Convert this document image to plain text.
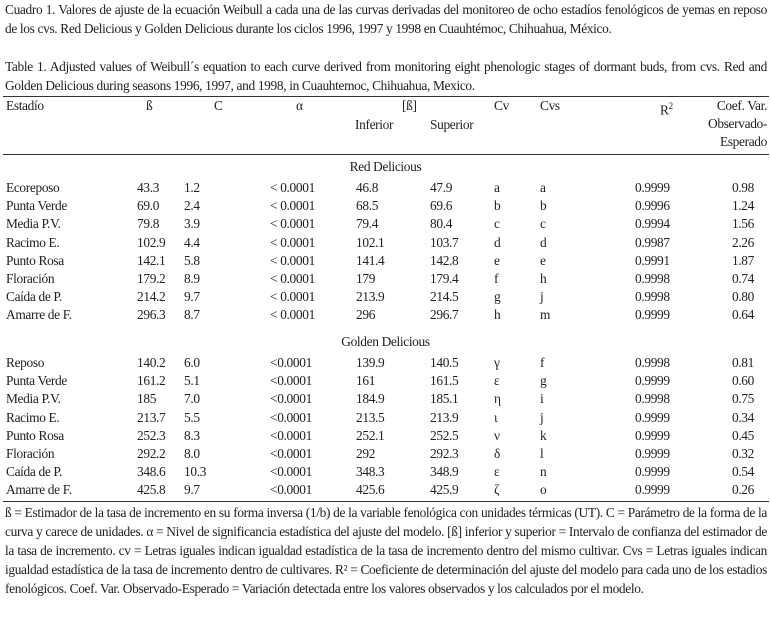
Cuadro 1. Valores de ajuste de la ecuación Weibull a cada una de las curvas derivadas del monitoreo de ocho estadíos fenológicos de yemas en reposo de los cvs. Red Delicious y Golden Delicious durante los ciclos 1996, 1997 y 1998 en Cuauhtémoc, Chihuahua, México.
Table 1. Adjusted values of Weibull´s equation to each curve derived from monitoring eight phenologic stages of dormant buds, from cvs. Red and Golden Delicious during seasons 1996, 1997, and 1998, in Cuauhtemoc, Chihuahua, Mexico.
Estadío	ß	C	α	[ß]
Inferior	Superior
Cv Cvs	$R^2$	Coef. Var.
Observado-
Esperado
Red Delicious
Ecoreposo	43.3	1.2	< 0.0001	46.8	47.9	a	a	0.9999	0.98
Punta Verde	69.0	2.4	< 0.0001	68.5	69.6	b	b	0.9996	1.24
Media P.V.	79.8	3.9	< 0.0001	79.4	80.4	c	c	0.9994	1.56
Racimo E.	102.9	4.4	< 0.0001	102.1	103.7	d	d	0.9987	2.26
Punto Rosa	142.1	5.8	< 0.0001	141.4	142.8	e	e	0.9991	1.87
Floración	179.2	8.9	< 0.0001	179	179.4	f	h	0.9998	0.74
Caída de P.	214.2	9.7	< 0.0001	213.9	214.5	g	j	0.9998	0.80
Amarre de F.	296.3	8.7	< 0.0001	296	296.7	h	m	0.9999	0.64
Golden Delicious
Reposo	140.2	6.0	<0.0001	139.9	140.5	γ	f	0.9998	0.81
Punta Verde	161.2	5.1	<0.0001	161	161.5	ε	g	0.9999	0.60
Media P.V.	185	7.0	<0.0001	184.9	185.1	η	i	0.9998	0.75
Racimo E.	213.7	5.5	<0.0001	213.5	213.9	ι	j	0.9999	0.34
Punto Rosa	252.3	8.3	<0.0001	252.1	252.5	ν	k	0.9999	0.45
Floración	292.2	8.0	<0.0001	292	292.3	δ	l	0.9999	0.32
Caída de P.	348.6	10.3	<0.0001	348.3	348.9	ε	n	0.9999	0.54
Amarre de F.	425.8	9.7	<0.0001	425.6	425.9	ζ	o	0.9999	0.26
ß = Estimador de la tasa de incremento en su forma inversa (1/b) de la variable fenológica con unidades térmicas (UT). C = Parámetro de la forma de la curva y carece de unidades. α = Nivel de significancia estadística del ajuste del modelo. [ß] inferior y superior = Intervalo de confianza del estimador de la tasa de incremento. cv = Letras iguales indican igualdad estadística de la tasa de incremento dentro del mismo cultivar. Cvs = Letras iguales indican igualdad estadística de la tasa de incremento dentro de cultivares. R² = Coeficiente de determinación del ajuste del modelo para cada uno de los estadios fenológicos. Coef. Var. Observado-Esperado = Variación detectada entre los valores observados y los calculados por el modelo.
